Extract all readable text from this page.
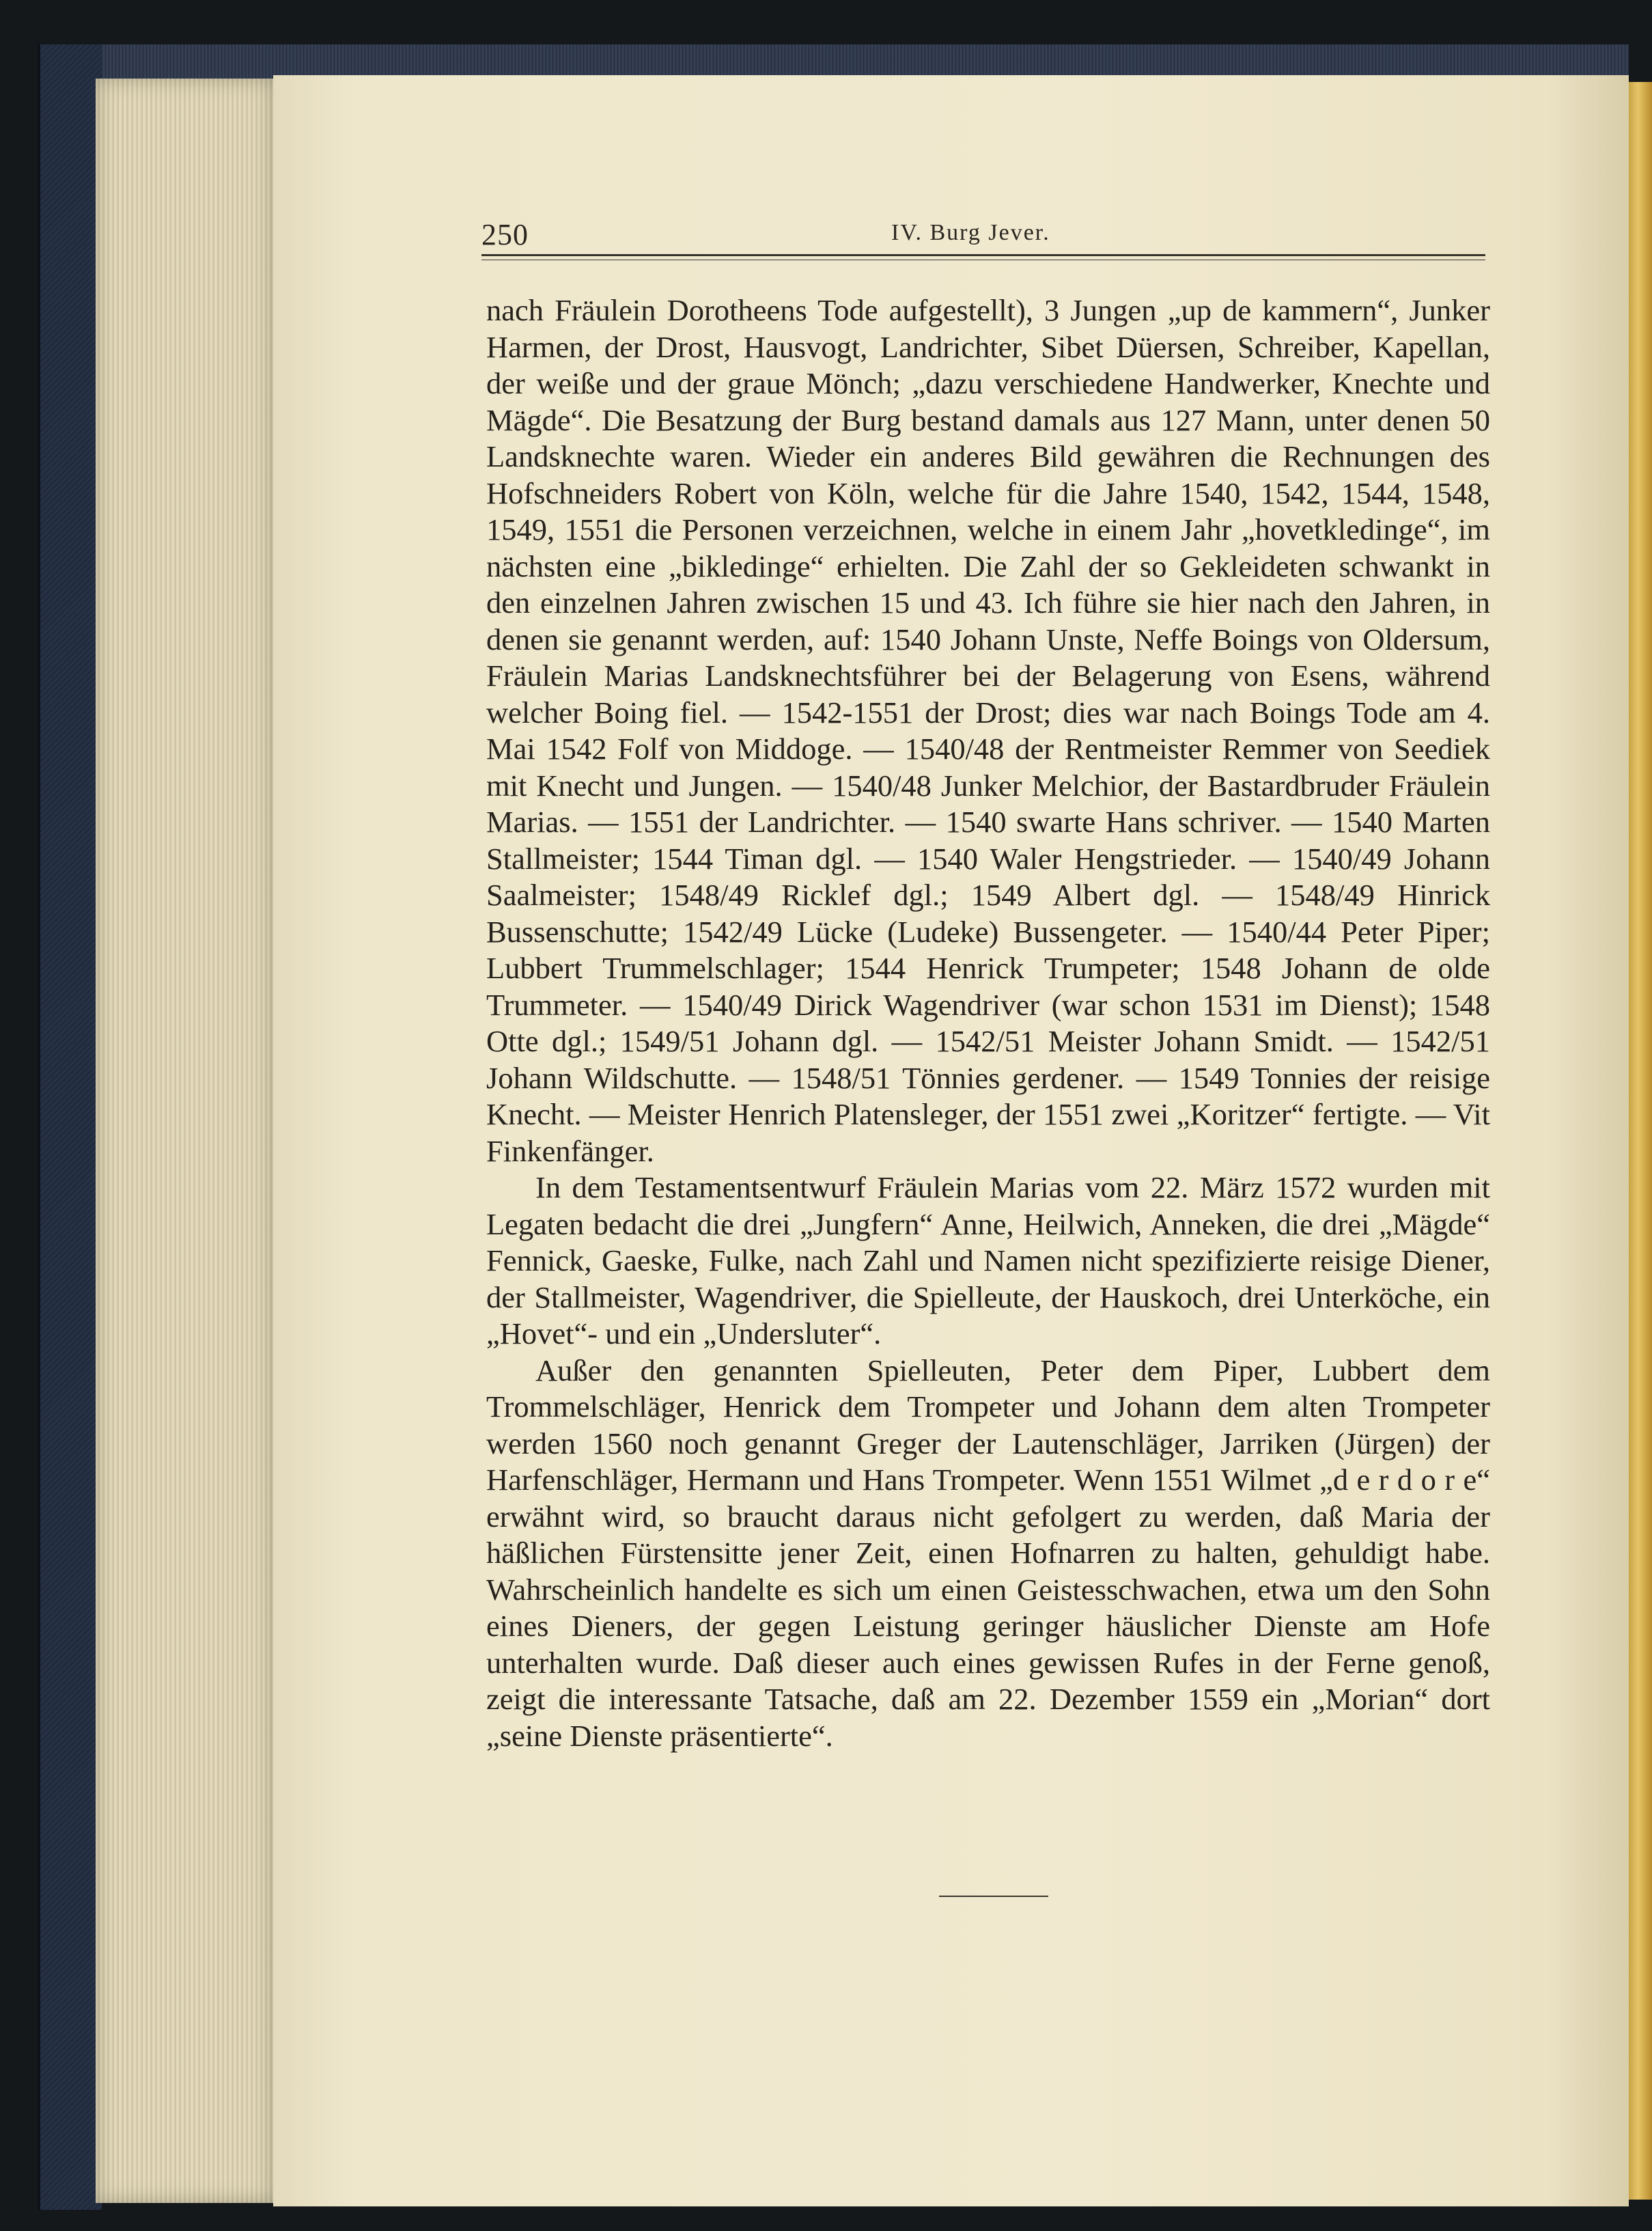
250	IV. Burg Jever.

nach Fräulein Dorotheens Tode aufgestellt), 3 Jungen „up de kammern“, Junker Harmen, der Drost, Hausvogt, Landrichter, Sibet Düersen, Schreiber, Kapellan, der weiße und der graue Mönch; „dazu verschiedene Handwerker, Knechte und Mägde“. Die Besatzung der Burg bestand damals aus 127 Mann, unter denen 50 Landsknechte waren. Wieder ein anderes Bild gewähren die Rechnungen des Hofschneiders Robert von Köln, welche für die Jahre 1540, 1542, 1544, 1548, 1549, 1551 die Personen verzeichnen, welche in einem Jahr „hovetkledinge“, im nächsten eine „bikledinge“ erhielten. Die Zahl der so Gekleideten schwankt in den einzelnen Jahren zwischen 15 und 43. Ich führe sie hier nach den Jahren, in denen sie genannt werden, auf: 1540 Johann Unste, Neffe Boings von Oldersum, Fräulein Marias Landsknechtsführer bei der Belagerung von Esens, während welcher Boing fiel. — 1542-1551 der Drost; dies war nach Boings Tode am 4. Mai 1542 Folf von Middoge. — 1540/48 der Rentmeister Remmer von Seediek mit Knecht und Jungen. — 1540/48 Junker Melchior, der Bastardbruder Fräulein Marias. — 1551 der Landrichter. — 1540 swarte Hans schriver. — 1540 Marten Stallmeister; 1544 Timan dgl. — 1540 Waler Hengstrieder. — 1540/49 Johann Saalmeister; 1548/49 Ricklef dgl.; 1549 Albert dgl. — 1548/49 Hinrick Bussenschutte; 1542/49 Lücke (Ludeke) Bussengeter. — 1540/44 Peter Piper; Lubbert Trummelschlager; 1544 Henrick Trumpeter; 1548 Johann de olde Trummeter. — 1540/49 Dirick Wagendriver (war schon 1531 im Dienst); 1548 Otte dgl.; 1549/51 Johann dgl. — 1542/51 Meister Johann Smidt. — 1542/51 Johann Wildschutte. — 1548/51 Tönnies gerdener. — 1549 Tonnies der reisige Knecht. — Meister Henrich Platensleger, der 1551 zwei „Koritzer“ fertigte. — Vit Finkenfänger.

In dem Testamentsentwurf Fräulein Marias vom 22. März 1572 wurden mit Legaten bedacht die drei „Jungfern“ Anne, Heilwich, Anneken, die drei „Mägde“ Fennick, Gaeske, Fulke, nach Zahl und Namen nicht spezifizierte reisige Diener, der Stallmeister, Wagendriver, die Spielleute, der Hauskoch, drei Unterköche, ein „Hovet“- und ein „Undersluter“.

Außer den genannten Spielleuten, Peter dem Piper, Lubbert dem Trommelschläger, Henrick dem Trompeter und Johann dem alten Trompeter werden 1560 noch genannt Greger der Lautenschläger, Jarriken (Jürgen) der Harfenschläger, Hermann und Hans Trompeter. Wenn 1551 Wilmet „d e r d o r e“ erwähnt wird, so braucht daraus nicht gefolgert zu werden, daß Maria der häßlichen Fürstensitte jener Zeit, einen Hofnarren zu halten, gehuldigt habe. Wahrscheinlich handelte es sich um einen Geistesschwachen, etwa um den Sohn eines Dieners, der gegen Leistung geringer häuslicher Dienste am Hofe unterhalten wurde. Daß dieser auch eines gewissen Rufes in der Ferne genoß, zeigt die interessante Tatsache, daß am 22. Dezember 1559 ein „Morian“ dort „seine Dienste präsentierte“.
